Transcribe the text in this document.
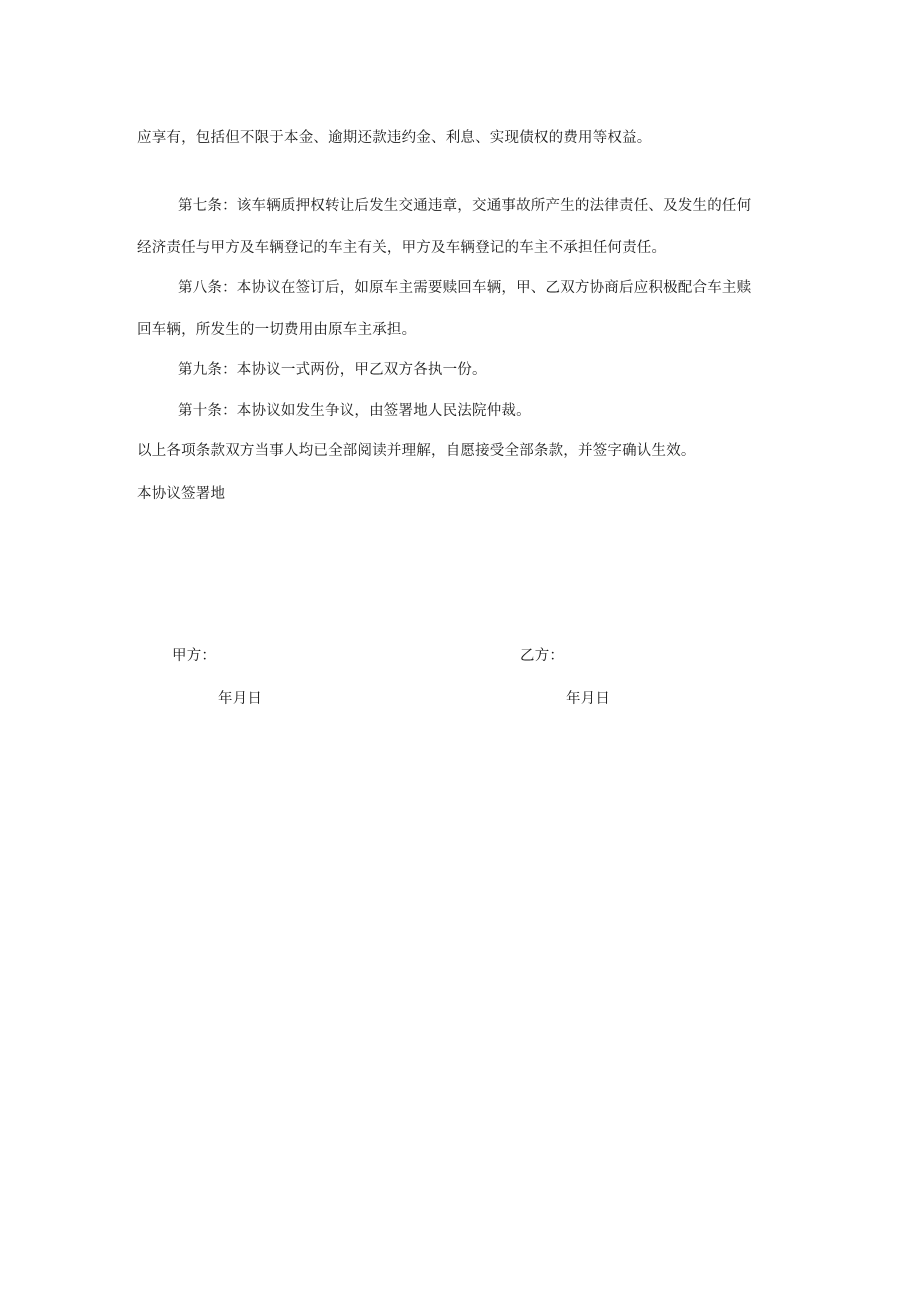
应享有，包括但不限于本金、逾期还款违约金、利息、实现债权的费用等权益。
第七条：该车辆质押权转让后发生交通违章，交通事故所产生的法律责任、及发生的任何
经济责任与甲方及车辆登记的车主有关，甲方及车辆登记的车主不承担任何责任。
第八条：本协议在签订后，如原车主需要赎回车辆，甲、乙双方协商后应积极配合车主赎
回车辆，所发生的一切费用由原车主承担。
第九条：本协议一式两份，甲乙双方各执一份。
第十条：本协议如发生争议，由签署地人民法院仲裁。
以上各项条款双方当事人均已全部阅读并理解，自愿接受全部条款，并签字确认生效。
本协议签署地
甲方：	乙方：
年月日	年月日
